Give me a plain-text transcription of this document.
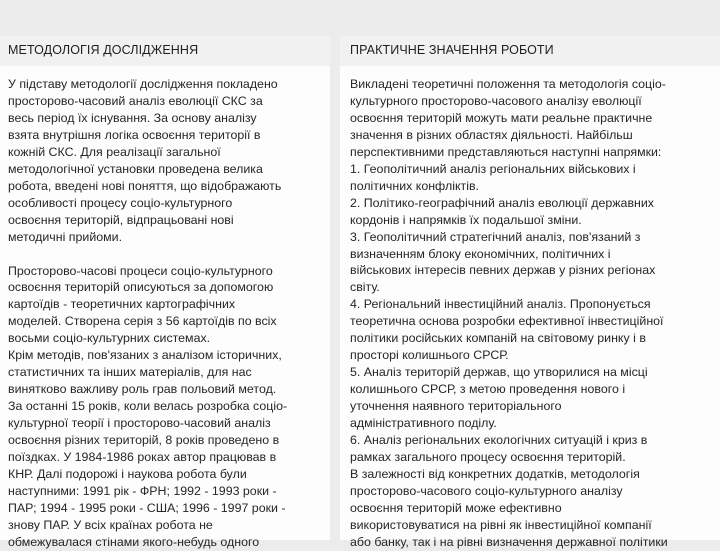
МЕТОДОЛОГІЯ ДОСЛІДЖЕННЯ
У підставу методології дослідження покладено
просторово-часовий аналіз еволюції СКС за
весь період їх існування. За основу аналізу
взята внутрішня логіка освоєння території в
кожній СКС. Для реалізації загальної
методологічної установки проведена велика
робота, введені нові поняття, що відображають
особливості процесу соціо-культурного
освоєння територій, відпрацьовані нові
методичні прийоми.
Просторово-часові процеси соціо-культурного
освоєння територій описуються за допомогою
картоїдів - теоретичних картографічних
моделей. Створена серія з 56 картоїдів по всіх
восьми соціо-культурних системах.
Крім методів, пов'язаних з аналізом історичних,
статистичних та інших матеріалів, для нас
винятково важливу роль грав польовий метод.
За останні 15 років, коли велась розробка соціо-
культурної теорії і просторово-часовий аналіз
освоєння різних територій, 8 років проведено в
поїздках. У 1984-1986 роках автор працював в
КНР. Далі подорожі і наукова робота були
наступними: 1991 рік - ФРН; 1992 - 1993 роки -
ПАР; 1994 - 1995 роки - США; 1996 - 1997 роки -
знову ПАР. У всіх країнах робота не
обмежувалася стінами якого-небудь одного
ПРАКТИЧНЕ ЗНАЧЕННЯ РОБОТИ
Викладені теоретичні положення та методологія соціо-
культурного просторово-часового аналізу еволюції
освоєння територій можуть мати реальне практичне
значення в різних областях діяльності. Найбільш
перспективними представляються наступні напрямки:
1. Геополітичний аналіз регіональних військових і
політичних конфліктів.
2. Політико-географічний аналіз еволюції державних
кордонів і напрямків їх подальшої зміни.
3. Геополітичний стратегічний аналіз, пов'язаний з
визначенням блоку економічних, політичних і
військових інтересів певних держав у різних регіонах
світу.
4. Регіональний інвестиційний аналіз. Пропонується
теоретична основа розробки ефективної інвестиційної
політики російських компаній на світовому ринку і в
просторі колишнього СРСР.
5. Аналіз територій держав, що утворилися на місці
колишнього СРСР, з метою проведення нового і
уточнення наявного територіального
адміністративного поділу.
6. Аналіз регіональних екологічних ситуацій і криз в
рамках загального процесу освоєння територій.
В залежності від конкретних додатків, методологія
просторово-часового соціо-культурного аналізу
освоєння територій може ефективно
використовуватися на рівні як інвестиційної компанії
або банку, так і на рівні визначення державної політики
